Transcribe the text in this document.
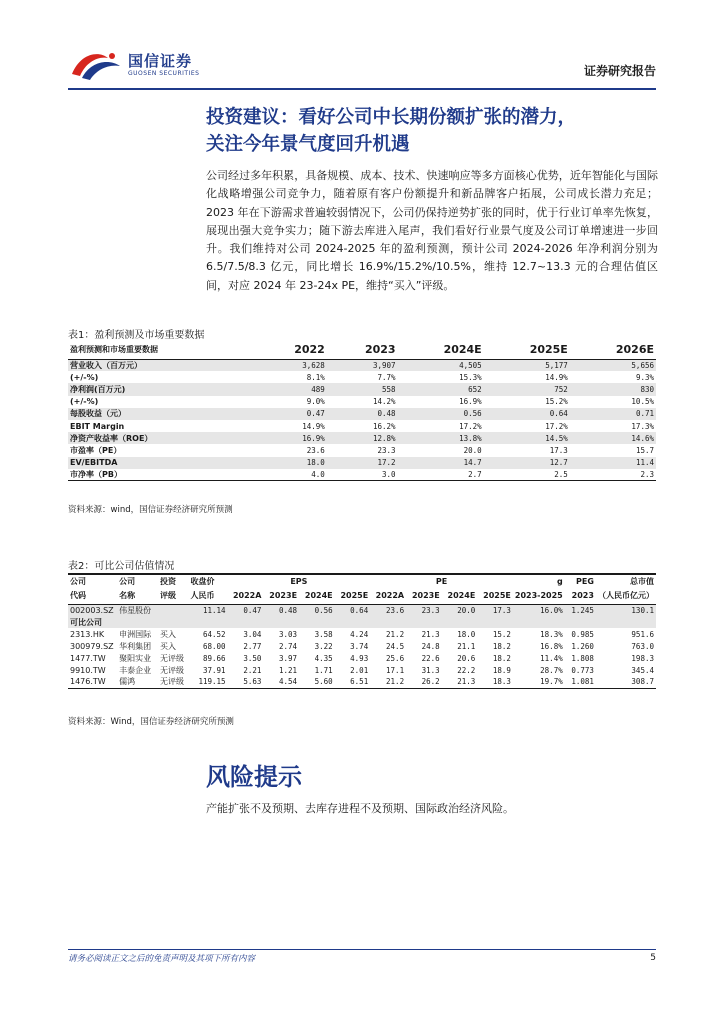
国信证券
GUOSEN SECURITIES	证券研究报告
投资建议：看好公司中长期份额扩张的潜力，
关注今年景气度回升机遇
公司经过多年积累，具备规模、成本、技术、快速响应等多方面核心优势，近年智能化与国际化战略增强公司竞争力，随着原有客户份额提升和新品牌客户拓展，公司成长潜力充足；2023 年在下游需求普遍较弱情况下，公司仍保持逆势扩张的同时，优于行业订单率先恢复，展现出强大竞争实力；随下游去库进入尾声，我们看好行业景气度及公司订单增速进一步回升。我们维持对公司 2024-2025 年的盈利预测，预计公司 2024-2026 年净利润分别为 6.5/7.5/8.3 亿元，同比增长 16.9%/15.2%/10.5%，维持 12.7~13.3 元的合理估值区间，对应 2024 年 23-24x PE，维持“买入”评级。
表1：盈利预测及市场重要数据
盈利预测和市场重要数据	2022	2023	2024E	2025E	2026E
营业收入（百万元）	3,628	3,907	4,505	5,177	5,656
(+/-%)	8.1%	7.7%	15.3%	14.9%	9.3%
净利润(百万元)	489	558	652	752	830
(+/-%)	9.0%	14.2%	16.9%	15.2%	10.5%
每股收益（元）	0.47	0.48	0.56	0.64	0.71
EBIT Margin	14.9%	16.2%	17.2%	17.2%	17.3%
净资产收益率（ROE）	16.9%	12.8%	13.8%	14.5%	14.6%
市盈率（PE）	23.6	23.3	20.0	17.3	15.7
EV/EBITDA	18.0	17.2	14.7	12.7	11.4
市净率（PB）	4.0	3.0	2.7	2.5	2.3
资料来源：wind，国信证券经济研究所预测
表2：可比公司估值情况
公司	公司	投资	收盘价	EPS				PE				g	PEG	总市值
代码	名称	评级	人民币	2022A	2023E	2024E	2025E	2022A	2023E	2024E	2025E	2023-2025	2023	（人民币亿元）
002003.SZ	伟星股份		11.14	0.47	0.48	0.56	0.64	23.6	23.3	20.0	17.3	16.0%	1.245	130.1
可比公司														
2313.HK	申洲国际	买入	64.52	3.04	3.03	3.58	4.24	21.2	21.3	18.0	15.2	18.3%	0.985	951.6
300979.SZ	华利集团	买入	68.00	2.77	2.74	3.22	3.74	24.5	24.8	21.1	18.2	16.8%	1.260	763.0
1477.TW	聚阳实业	无评级	89.66	3.50	3.97	4.35	4.93	25.6	22.6	20.6	18.2	11.4%	1.808	198.3
9910.TW	丰泰企业	无评级	37.91	2.21	1.21	1.71	2.01	17.1	31.3	22.2	18.9	28.7%	0.773	345.4
1476.TW	儒鸿	无评级	119.15	5.63	4.54	5.60	6.51	21.2	26.2	21.3	18.3	19.7%	1.081	308.7
资料来源：Wind，国信证券经济研究所预测
风险提示
产能扩张不及预期、去库存进程不及预期、国际政治经济风险。
请务必阅读正文之后的免责声明及其项下所有内容	5
